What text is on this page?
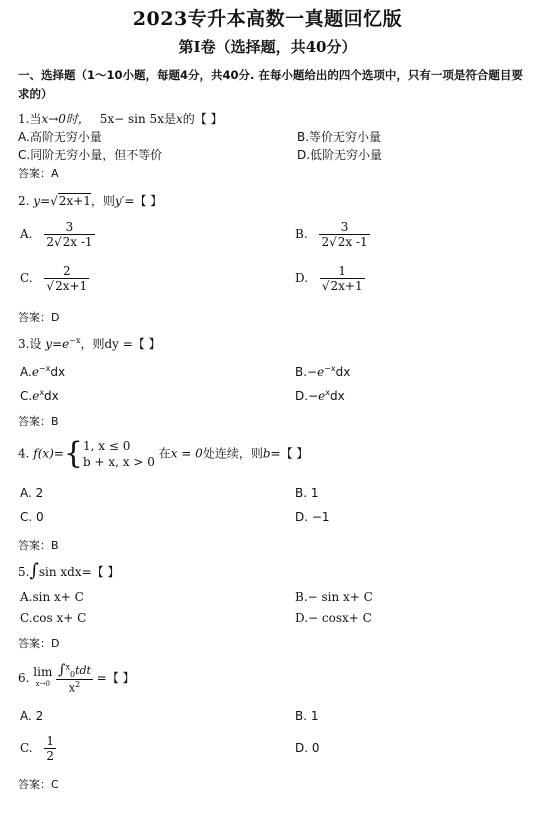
2023专升本高数一真题回忆版
第I卷（选择题，共40分）
一、选择题（1～10小题，每题4分，共40分. 在每小题给出的四个选项中，只有一项是符合题目要求的）
1.当x→0时， 5x− sin 5x是x的【 】
A.高阶无穷小量	B.等价无穷小量
C.同阶无穷小量，但不等价	D.低阶无穷小量
答案：A
2. y=√2x+1，则y′=【 】
A. $\frac{3}{2√2x -1}$	B. $\frac{3}{2√2x -1}$
C. $\frac{2}{√2x+1}$	D. $\frac{1}{√2x+1}$
答案：D
3.设 $y=e^{-x}$，则dy =【 】
$A.e^{-x}dx$	$B.-e^{-x}dx$
$C.e^xdx$	$D.-e^xdx$
答案：B
4. f(x)={ 1, x ≤ 0
b + x, x > 0
在x = 0处连续，则b=【 】
A. 2	B. 1
C. 0	D. −1
答案：B
5.∫sin xdx=【 】
A.sin x+ C	B.− sin x+ C
C.cos x+ C	D.− cosx+ C
答案：D
6. lim
x→0
$\frac{\int^x_0tdt}{x^2}$ =【 】
A. 2	B. 1
C. $\frac{1}{2}$	D. 0
答案：C
